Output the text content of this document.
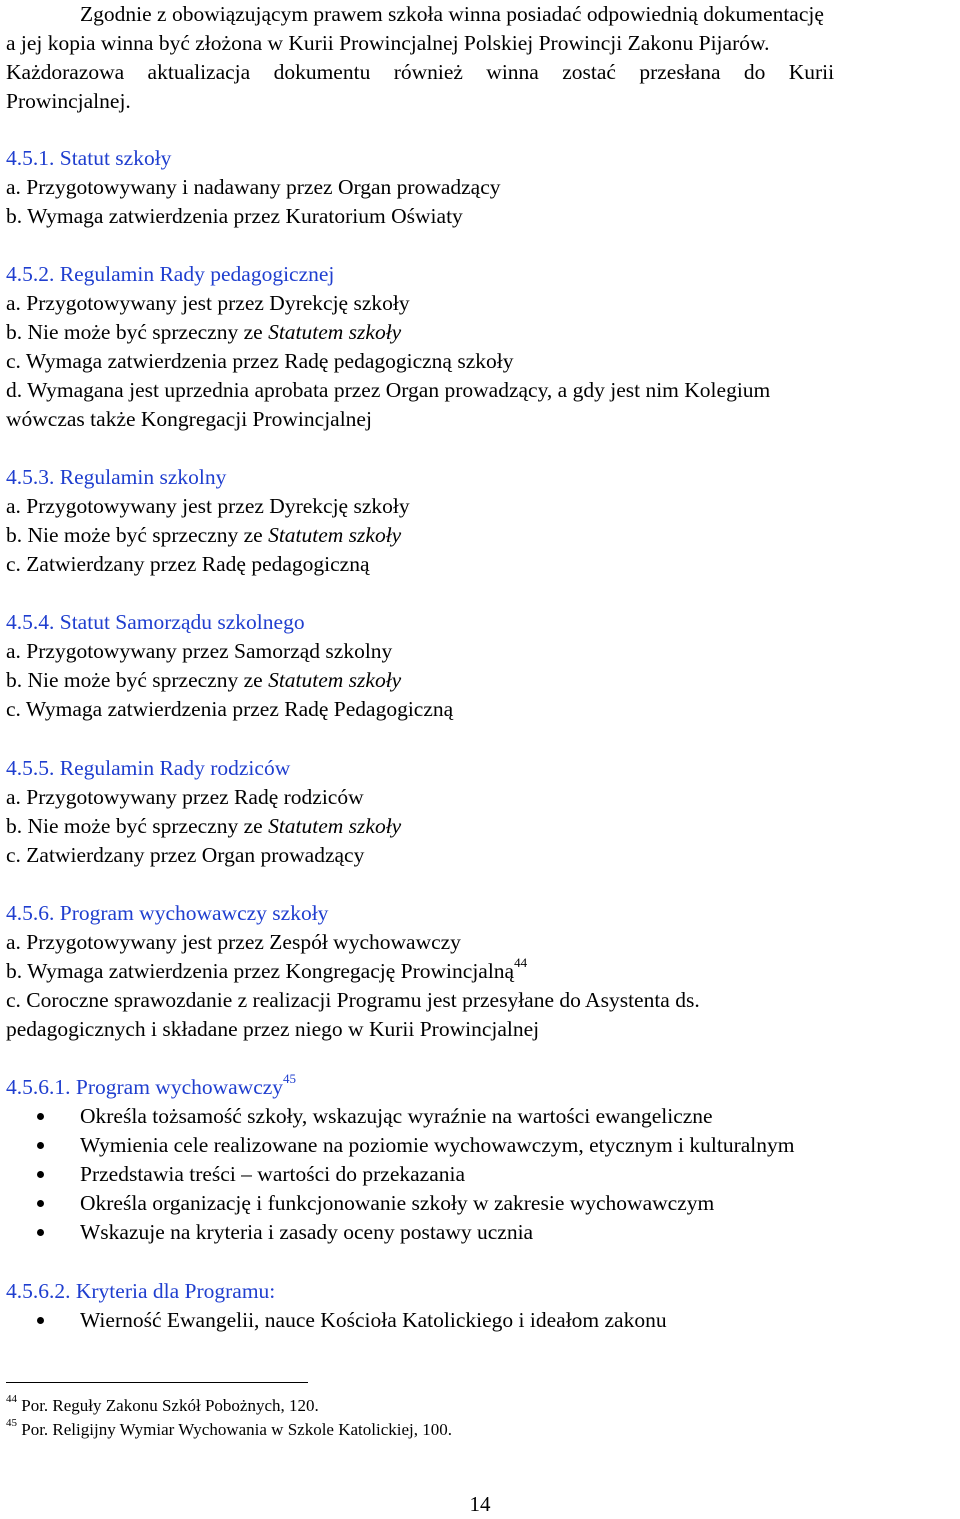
Zgodnie z obowiązującym prawem szkoła winna posiadać odpowiednią dokumentację
a jej kopia winna być złożona w Kurii Prowincjalnej Polskiej Prowincji Zakonu Pijarów.
Każdorazowa aktualizacja dokumentu również winna zostać przesłana do Kurii
Prowincjalnej.
4.5.1. Statut szkoły
a. Przygotowywany i nadawany przez Organ prowadzący
b. Wymaga zatwierdzenia przez Kuratorium Oświaty
4.5.2. Regulamin Rady pedagogicznej
a. Przygotowywany jest przez Dyrekcję szkoły
b. Nie może być sprzeczny ze Statutem szkoły
c. Wymaga zatwierdzenia przez Radę pedagogiczną szkoły
d. Wymagana jest uprzednia aprobata przez Organ prowadzący, a gdy jest nim Kolegium
wówczas także Kongregacji Prowincjalnej
4.5.3. Regulamin szkolny
a. Przygotowywany jest przez Dyrekcję szkoły
b. Nie może być sprzeczny ze Statutem szkoły
c. Zatwierdzany przez Radę pedagogiczną
4.5.4. Statut Samorządu szkolnego
a. Przygotowywany przez Samorząd szkolny
b. Nie może być sprzeczny ze Statutem szkoły
c. Wymaga zatwierdzenia przez Radę Pedagogiczną
4.5.5. Regulamin Rady rodziców
a. Przygotowywany przez Radę rodziców
b. Nie może być sprzeczny ze Statutem szkoły
c. Zatwierdzany przez Organ prowadzący
4.5.6. Program wychowawczy szkoły
a. Przygotowywany jest przez Zespół wychowawczy
b. Wymaga zatwierdzenia przez Kongregację Prowincjalną$^{44}$
c. Coroczne sprawozdanie z realizacji Programu jest przesyłane do Asystenta ds.
pedagogicznych i składane przez niego w Kurii Prowincjalnej
4.5.6.1. Program wychowawczy$^{45}$
Określa tożsamość szkoły, wskazując wyraźnie na wartości ewangeliczne
Wymienia cele realizowane na poziomie wychowawczym, etycznym i kulturalnym
Przedstawia treści – wartości do przekazania
Określa organizację i funkcjonowanie szkoły w zakresie wychowawczym
Wskazuje na kryteria i zasady oceny postawy ucznia
4.5.6.2. Kryteria dla Programu:
Wierność Ewangelii, nauce Kościoła Katolickiego i ideałom zakonu
$^{44}$ Por. Reguły Zakonu Szkół Pobożnych, 120.
$^{45}$ Por. Religijny Wymiar Wychowania w Szkole Katolickiej, 100.
14
